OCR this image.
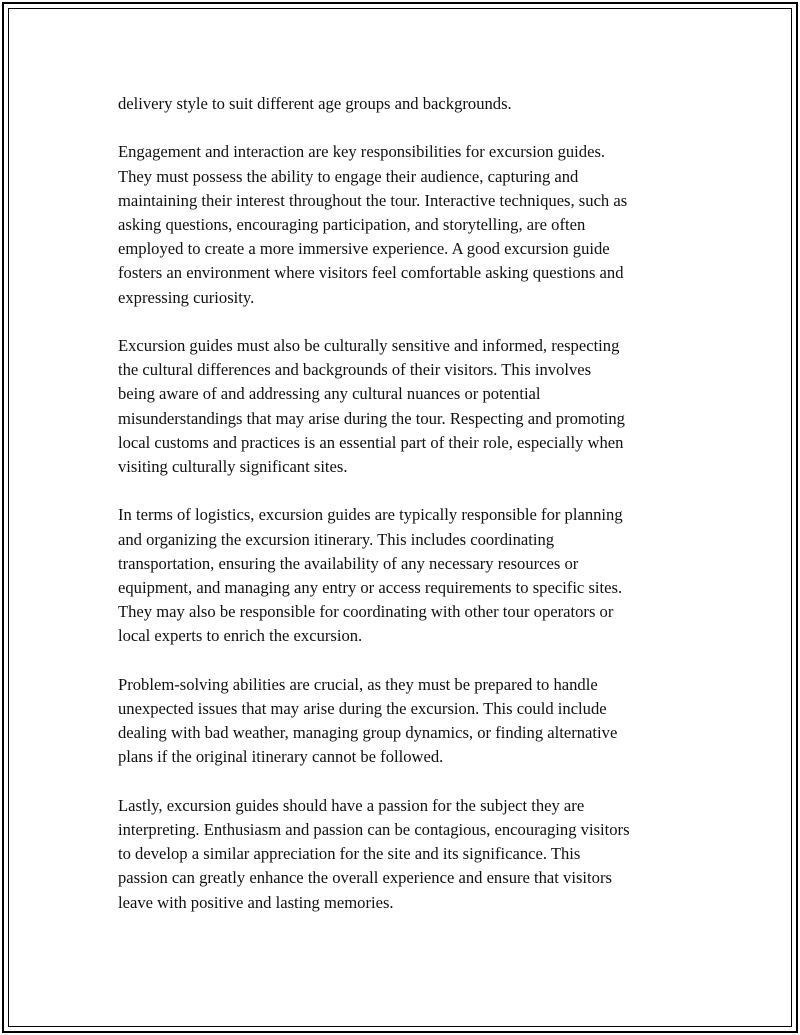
delivery style to suit different age groups and backgrounds.

Engagement and interaction are key responsibilities for excursion guides.
They must possess the ability to engage their audience, capturing and
maintaining their interest throughout the tour. Interactive techniques, such as
asking questions, encouraging participation, and storytelling, are often
employed to create a more immersive experience. A good excursion guide
fosters an environment where visitors feel comfortable asking questions and
expressing curiosity.

Excursion guides must also be culturally sensitive and informed, respecting
the cultural differences and backgrounds of their visitors. This involves
being aware of and addressing any cultural nuances or potential
misunderstandings that may arise during the tour. Respecting and promoting
local customs and practices is an essential part of their role, especially when
visiting culturally significant sites.

In terms of logistics, excursion guides are typically responsible for planning
and organizing the excursion itinerary. This includes coordinating
transportation, ensuring the availability of any necessary resources or
equipment, and managing any entry or access requirements to specific sites.
They may also be responsible for coordinating with other tour operators or
local experts to enrich the excursion.

Problem-solving abilities are crucial, as they must be prepared to handle
unexpected issues that may arise during the excursion. This could include
dealing with bad weather, managing group dynamics, or finding alternative
plans if the original itinerary cannot be followed.

Lastly, excursion guides should have a passion for the subject they are
interpreting. Enthusiasm and passion can be contagious, encouraging visitors
to develop a similar appreciation for the site and its significance. This
passion can greatly enhance the overall experience and ensure that visitors
leave with positive and lasting memories.
